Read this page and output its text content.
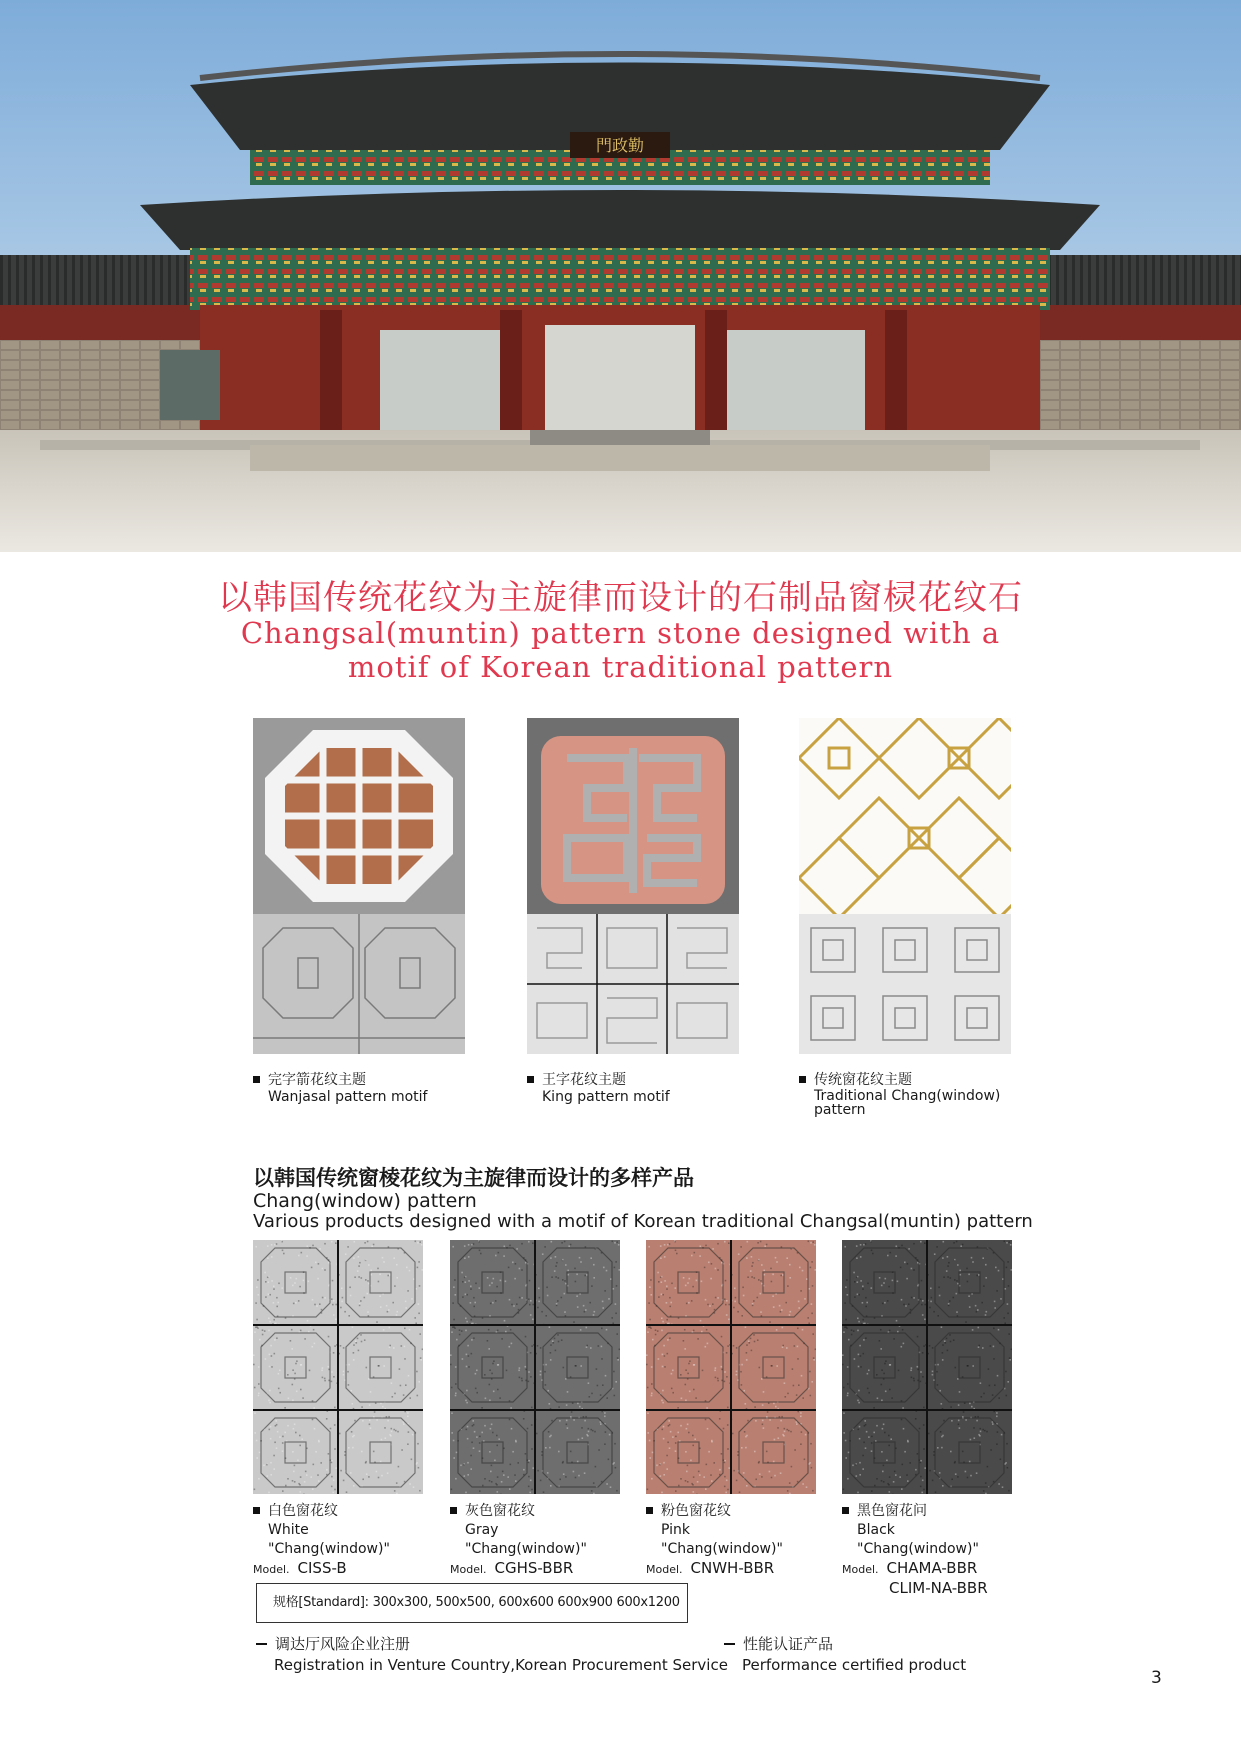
門政勤
以韩国传统花纹为主旋律而设计的石制品窗棂花纹石
Changsal(muntin) pattern stone designed with a
motif of Korean traditional pattern
完字箭花纹主题
Wanjasal pattern motif
王字花纹主题
King pattern motif
传统窗花纹主题
Traditional Chang(window) pattern
以韩国传统窗棱花纹为主旋律而设计的多样产品
Chang(window) pattern
Various products designed with a motif of Korean traditional Changsal(muntin) pattern
白色窗花纹
White "Chang(window)"
Model. CISS-B
灰色窗花纹
Gray "Chang(window)"
Model. CGHS-BBR
粉色窗花纹
Pink "Chang(window)"
Model. CNWH-BBR
黑色窗花问
Black "Chang(window)"
Model. CHAMA-BBR
CLIM-NA-BBR
规格[Standard]: 300x300, 500x500, 600x600 600x900 600x1200
调达厅风险企业注册
Registration in Venture Country,Korean Procurement Service
性能认证产品
Performance certified product
3
